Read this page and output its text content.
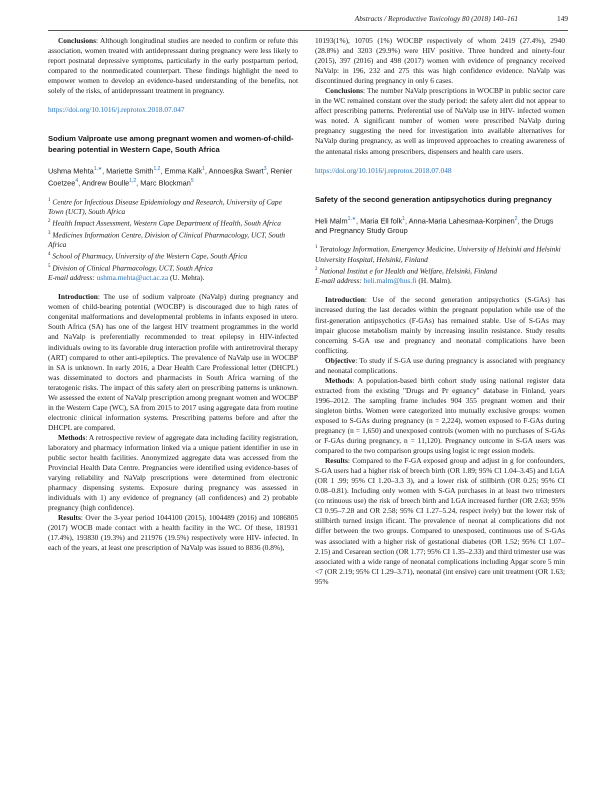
Abstracts / Reproductive Toxicology 80 (2018) 140–161	149

Conclusions: Although longitudinal studies are needed to confirm or refute this association, women treated with antidepressant during pregnancy were less likely to report postnatal depressive symptoms, particularly in the early postpartum period, compared to the nonmedicated counterpart. These findings highlight the need to empower women to develop an evidence-based understanding of the benefits, not solely of the risks, of antidepressant treatment in pregnancy.

https://doi.org/10.1016/j.reprotox.2018.07.047
Sodium Valproate use among pregnant women and women-of-child-bearing potential in Western Cape, South Africa
Ushma Mehta$^{1,∗}$, Mariette Smith$^{1,2}$, Emma Kalk$^1$, Annoesjka Swart$^3$, Renier Coetzee$^4$, Andrew Boulle$^{1,2}$, Marc Blockman$^5$
$^1$ Centre for Infectious Disease Epidemiology and Research, University of Cape Town (UCT), South Africa
$^2$ Health Impact Assessment, Western Cape Department of Health, South Africa
$^3$ Medicines Information Centre, Division of Clinical Pharmacology, UCT, South Africa
$^4$ School of Pharmacy, University of the Western Cape, South Africa
$^5$ Division of Clinical Pharmacology, UCT, South Africa
E-mail address: ushma.mehta@uct.ac.za (U. Mehta).

Introduction: The use of sodium valproate (NaValp) during pregnancy and women of child-bearing potential (WOCBP) is discouraged due to high rates of congenital malformations and developmental problems in infants exposed in utero. South Africa (SA) has one of the largest HIV treatment programmes in the world and NaValp is preferentially recommended to treat epilepsy in HIV-infected individuals owing to its favorable drug interaction profile with antiretroviral therapy (ART) compared to other anti-epileptics. The prevalence of NaValp use in WOCBP in SA is unknown. In early 2016, a Dear Health Care Professional letter (DHCPL) was disseminated to doctors and pharmacists in South Africa warning of the teratogenic risks. The impact of this safety alert on prescribing patterns is unknown. We assessed the extent of NaValp prescription among pregnant women and WOCBP in the Western Cape (WC), SA from 2015 to 2017 using aggregate data from routine electronic clinical information systems. Prescribing patterns before and after the DHCPL are compared.

Methods: A retrospective review of aggregate data including facility registration, laboratory and pharmacy information linked via a unique patient identifier in use in public sector health facilities. Anonymized aggregate data was accessed from the Provincial Health Data Centre. Pregnancies were identified using evidence-bases of varying reliability and NaValp prescriptions were determined from electronic pharmacy dispensing systems. Exposure during pregnancy was assessed in individuals with 1) any evidence of pregnancy (all confidences) and 2) probable pregnancy (high confidence).

Results: Over the 3-year period 1044100 (2015), 1004489 (2016) and 1086805 (2017) WOCB made contact with a health facility in the WC. Of these, 181931 (17.4%), 193830 (19.3%) and 211976 (19.5%) respectively were HIV- infected. In each of the years, at least one prescription of NaValp was issued to 8836 (0.8%),

10193(1%), 10705 (1%) WOCBP respectively of whom 2419 (27.4%), 2940 (28.8%) and 3203 (29.9%) were HIV positive. Three hundred and ninety-four (2015), 397 (2016) and 498 (2017) women with evidence of pregnancy received NaValp: in 196, 232 and 275 this was high confidence evidence. NaValp was discontinued during pregnancy in only 6 cases.

Conclusions: The number NaValp prescriptions in WOCBP in public sector care in the WC remained constant over the study period: the safety alert did not appear to affect prescribing patterns. Preferential use of NaValp use in HIV- infected women was noted. A significant number of women were prescribed NaValp during pregnancy suggesting the need for investigation into available alternatives for NaValp during pregnancy, as well as improved approaches to creating awareness of the antenatal risks among prescribers, dispensers and health care users.

https://doi.org/10.1016/j.reprotox.2018.07.048
Safety of the second generation antipsychotics during pregnancy
Heli Malm$^{1,∗}$, Maria Ell folk$^1$, Anna-Maria Lahesmaa-Korpinen$^2$, the Drugs and Pregnancy Study Group
$^1$ Teratology Information, Emergency Medicine, University of Helsinki and Helsinki University Hospital, Helsinki, Finland
$^2$ National Institut e for Health and Welfare, Helsinki, Finland
E-mail address: heli.malm@hus.fi (H. Malm).

Introduction: Use of the second generation antipsychotics (S-GAs) has increased during the last decades within the pregnant population while use of the first-generation antipsychotics (F-GAs) has remained stable. Use of S-GAs may impair glucose metabolism mainly by increasing insulin resistance. Study results concerning S-GA use and pregnancy and neonatal complications have been conflicting.

Objective: To study if S-GA use during pregnancy is associated with pregnancy and neonatal complications.

Methods: A population-based birth cohort study using national register data extracted from the existing "Drugs and Pr egnancy" database in Finland, years 1996–2012. The sampling frame includes 904 355 pregnant women and their singleton births. Women were categorized into mutually exclusive groups: women exposed to S-GAs during pregnancy (n = 2,224), women exposed to F-GAs during pregnancy (n = 1,650) and unexposed controls (women with no purchases of S-GAs or F-GAs during pregnancy, n = 11,120). Pregnancy outcome in S-GA users was compared to the two comparison groups using logist ic regr ession models.

Results: Compared to the F-GA exposed group and adjust in g for confounders, S-GA users had a higher risk of breech birth (OR 1.89; 95% CI 1.04–3.45) and LGA (OR 1 .99; 95% CI 1.20–3.3 3), and a lower risk of stillbirth (OR 0.25; 95% CI 0.08–0.81). Including only women with S-GA purchases in at least two trimesters (co ntinuous use) the risk of breech birth and LGA increased further (OR 2.63; 95% CI 0.95–7.28 and OR 2.58; 95% CI 1.27–5.24, respect ively) but the lower risk of stillbirth turned insign ificant. The prevalence of neonat al complications did not differ between the two groups. Compared to unexposed, continuous use of S-GAs was associated with a higher risk of gestational diabetes (OR 1.52; 95% CI 1.07–2.15) and Cesarean section (OR 1.77; 95% CI 1.35–2.33) and third trimester use was associated with a wide range of neonatal complications including Apgar score 5 min <7 (OR 2.19; 95% CI 1.29–3.71), neonatal (int ensive) care unit treatment (OR 1.63; 95%
